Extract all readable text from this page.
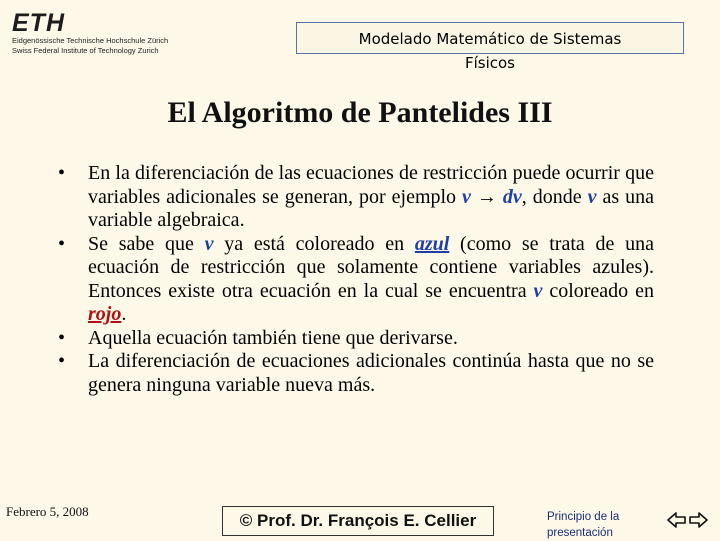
ETH
Eidgenössische Technische Hochschule Zürich
Swiss Federal Institute of Technology Zurich
Modelado Matemático de Sistemas
Físicos
El Algoritmo de Pantelides III
• En la diferenciación de las ecuaciones de restricción puede ocurrir que variables adicionales se generan, por ejemplo v → dv, donde v as una variable algebraica.
• Se sabe que v ya está coloreado en azul (como se trata de una ecuación de restricción que solamente contiene variables azules). Entonces existe otra ecuación en la cual se encuentra v coloreado en rojo.
• Aquella ecuación también tiene que derivarse.
• La diferenciación de ecuaciones adicionales continúa hasta que no se genera ninguna variable nueva más.
Febrero 5, 2008	© Prof. Dr. François E. Cellier	Principio de la
presentación
